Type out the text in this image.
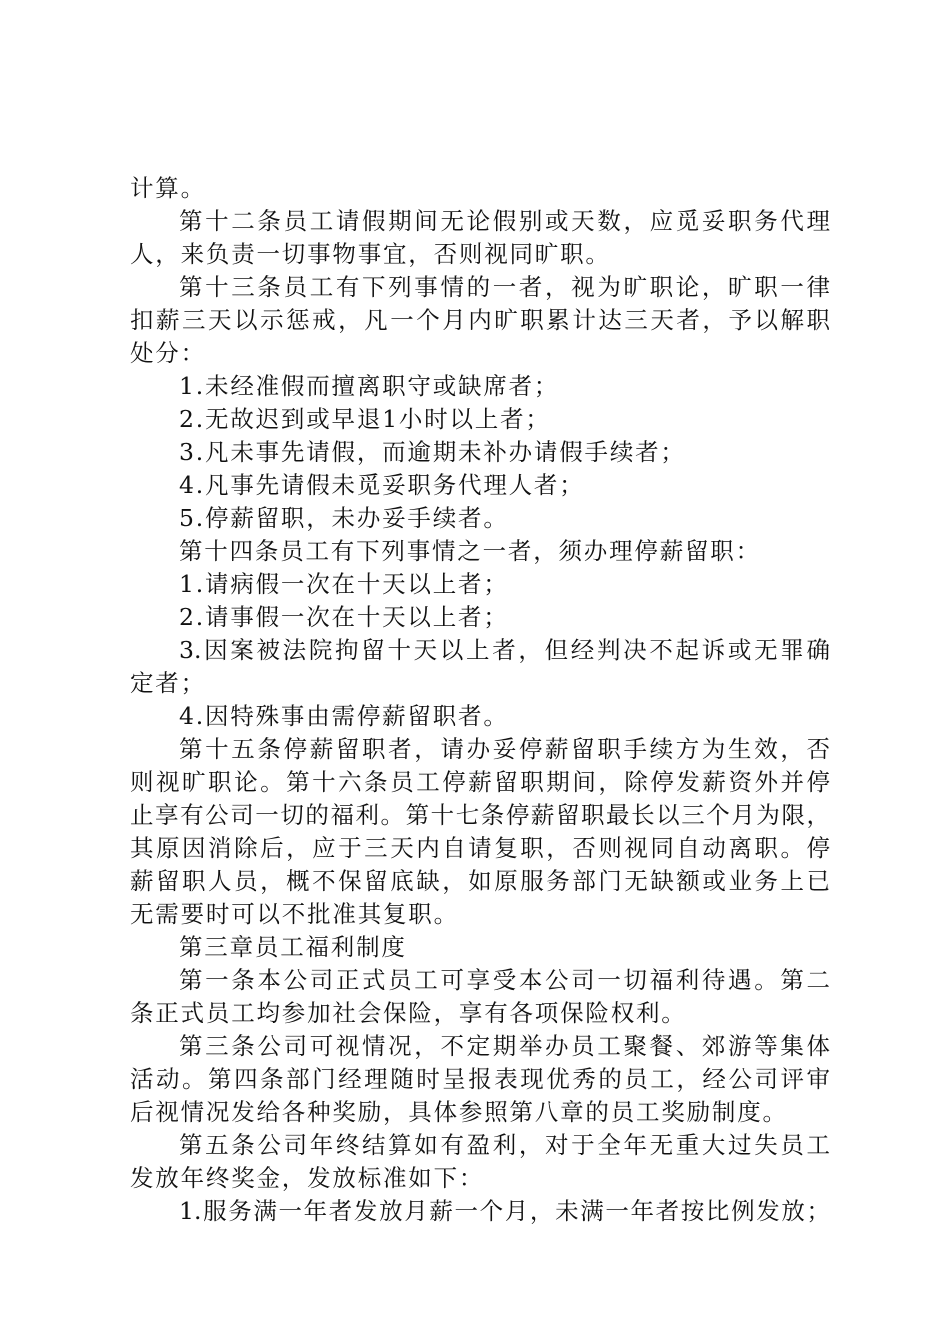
计算。
第十二条员工请假期间无论假别或天数，应觅妥职务代理
人，来负责一切事物事宜，否则视同旷职。
第十三条员工有下列事情的一者，视为旷职论，旷职一律
扣薪三天以示惩戒，凡一个月内旷职累计达三天者，予以解职
处分：
1.未经准假而擅离职守或缺席者；
2.无故迟到或早退1小时以上者；
3.凡未事先请假，而逾期未补办请假手续者；
4.凡事先请假未觅妥职务代理人者；
5.停薪留职，未办妥手续者。
第十四条员工有下列事情之一者，须办理停薪留职：
1.请病假一次在十天以上者；
2.请事假一次在十天以上者；
3.因案被法院拘留十天以上者，但经判决不起诉或无罪确
定者；
4.因特殊事由需停薪留职者。
第十五条停薪留职者，请办妥停薪留职手续方为生效，否
则视旷职论。第十六条员工停薪留职期间，除停发薪资外并停
止享有公司一切的福利。第十七条停薪留职最长以三个月为限，
其原因消除后，应于三天内自请复职，否则视同自动离职。停
薪留职人员，概不保留底缺，如原服务部门无缺额或业务上已
无需要时可以不批准其复职。
第三章员工福利制度
第一条本公司正式员工可享受本公司一切福利待遇。第二
条正式员工均参加社会保险，享有各项保险权利。
第三条公司可视情况，不定期举办员工聚餐、郊游等集体
活动。第四条部门经理随时呈报表现优秀的员工，经公司评审
后视情况发给各种奖励，具体参照第八章的员工奖励制度。
第五条公司年终结算如有盈利，对于全年无重大过失员工
发放年终奖金，发放标准如下：
1.服务满一年者发放月薪一个月，未满一年者按比例发放；
